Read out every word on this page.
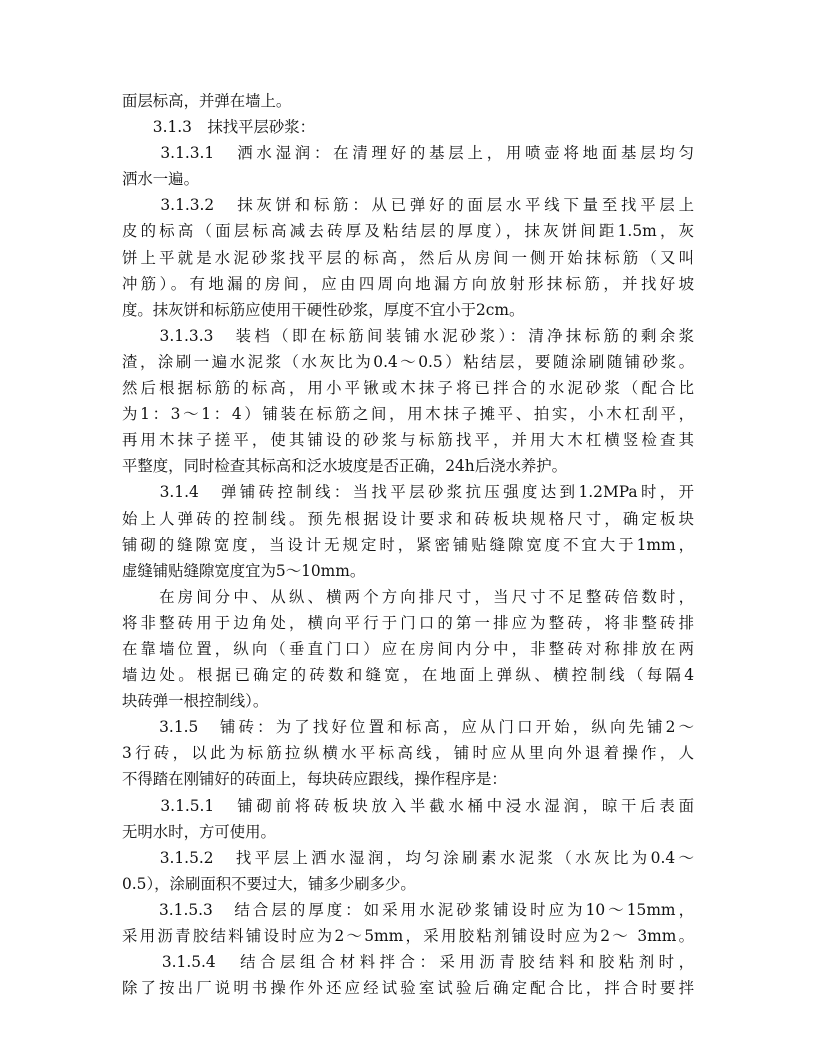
面层标高，并弹在墙上。

　　3.1.3　抹找平层砂浆：

　　3.1.3.1　洒水湿润：在清理好的基层上，用喷壶将地面基层均匀

洒水一遍。

　　3.1.3.2　抹灰饼和标筋：从已弹好的面层水平线下量至找平层上

皮的标高（面层标高减去砖厚及粘结层的厚度），抹灰饼间距1.5m，灰

饼上平就是水泥砂浆找平层的标高，然后从房间一侧开始抹标筋（又叫

冲筋）。有地漏的房间，应由四周向地漏方向放射形抹标筋，并找好坡

度。抹灰饼和标筋应使用干硬性砂浆，厚度不宜小于2cm。

　　3.1.3.3　装档（即在标筋间装铺水泥砂浆）：清净抹标筋的剩余浆

渣，涂刷一遍水泥浆（水灰比为0.4～0.5）粘结层，要随涂刷随铺砂浆。

然后根据标筋的标高，用小平锹或木抹子将已拌合的水泥砂浆（配合比

为1：3～1：4）铺装在标筋之间，用木抹子摊平、拍实，小木杠刮平，

再用木抹子搓平，使其铺设的砂浆与标筋找平，并用大木杠横竖检查其

平整度，同时检查其标高和泛水坡度是否正确，24h后浇水养护。

　　3.1.4　弹铺砖控制线：当找平层砂浆抗压强度达到1.2MPa时，开

始上人弹砖的控制线。预先根据设计要求和砖板块规格尺寸，确定板块

铺砌的缝隙宽度，当设计无规定时，紧密铺贴缝隙宽度不宜大于1mm，

虚缝铺贴缝隙宽度宜为5～10mm。

　　在房间分中、从纵、横两个方向排尺寸，当尺寸不足整砖倍数时，

将非整砖用于边角处，横向平行于门口的第一排应为整砖，将非整砖排

在靠墙位置，纵向（垂直门口）应在房间内分中，非整砖对称排放在两

墙边处。根据已确定的砖数和缝宽，在地面上弹纵、横控制线（每隔4

块砖弹一根控制线）。

　　3.1.5　铺砖：为了找好位置和标高，应从门口开始，纵向先铺2～

3行砖，以此为标筋拉纵横水平标高线，铺时应从里向外退着操作，人

不得踏在刚铺好的砖面上，每块砖应跟线，操作程序是：

　　3.1.5.1　铺砌前将砖板块放入半截水桶中浸水湿润，晾干后表面

无明水时，方可使用。

　　3.1.5.2　找平层上洒水湿润，均匀涂刷素水泥浆（水灰比为0.4～

0.5），涂刷面积不要过大，铺多少刷多少。

　　3.1.5.3　结合层的厚度：如采用水泥砂浆铺设时应为10～15mm，

采用沥青胶结料铺设时应为2～5mm，采用胶粘剂铺设时应为2～ 3mm。

　　3.1.5.4　结合层组合材料拌合：采用沥青胶结料和胶粘剂时，

除了按出厂说明书操作外还应经试验室试验后确定配合比，拌合时要拌
